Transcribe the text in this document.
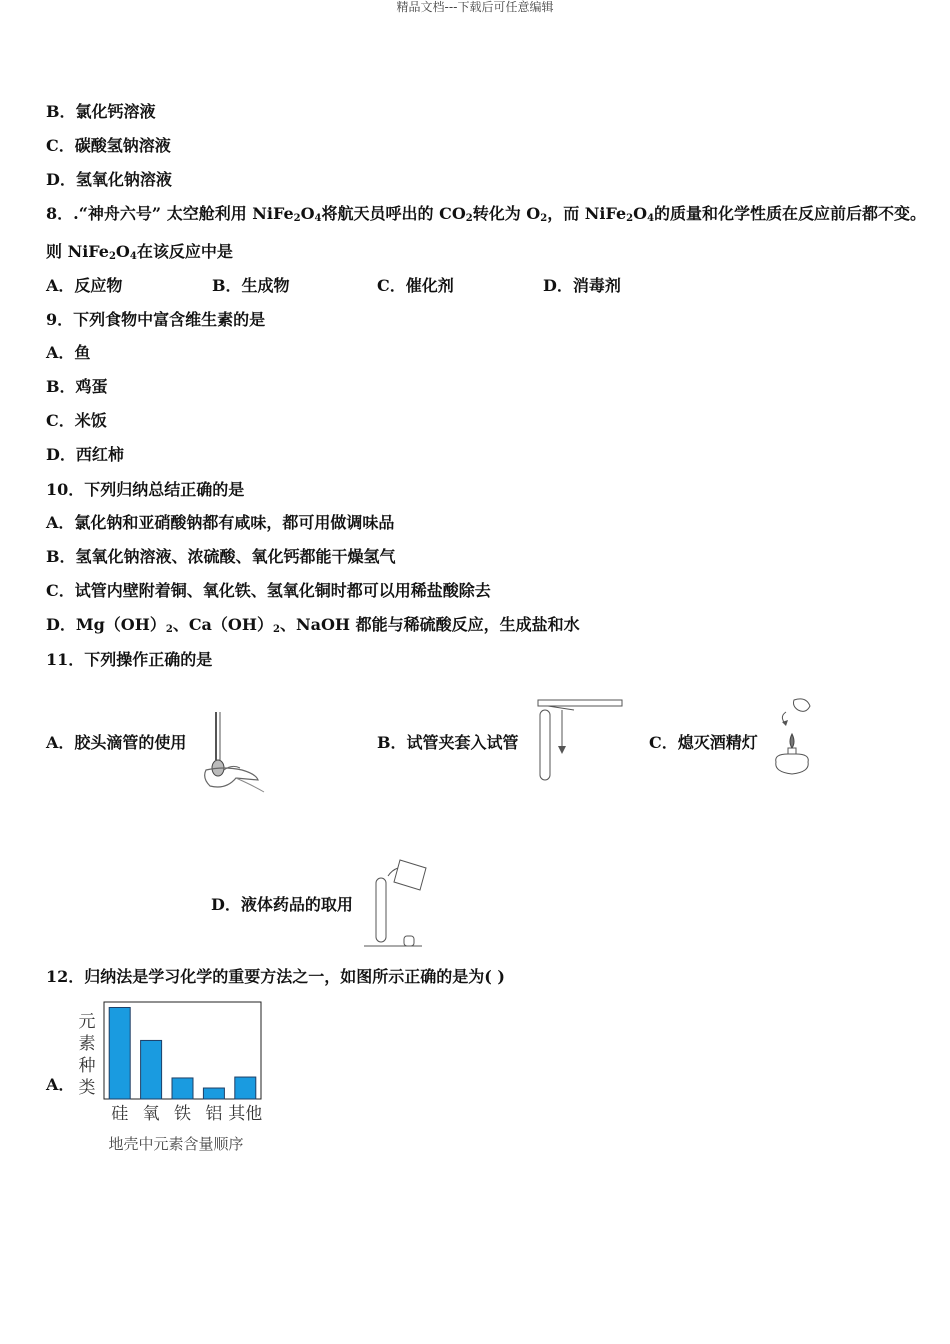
精品文档---下载后可任意编辑
B．氯化钙溶液
C．碳酸氢钠溶液
D．氢氧化钠溶液
8．.“神舟六号” 太空舱利用 $NiFe_2O_4$将航天员呼出的 $CO_2$转化为 $O_2$，而 $NiFe_2O_4$的质量和化学性质在反应前后都不变。
则 $NiFe_2O_4$在该反应中是
A．反应物	B．生成物	C．催化剂	D．消毒剂
9．下列食物中富含维生素的是
A．鱼
B．鸡蛋
C．米饭
D．西红柿
10．下列归纳总结正确的是
A．氯化钠和亚硝酸钠都有咸味，都可用做调味品
B．氢氧化钠溶液、浓硫酸、氧化钙都能干燥氢气
C．试管内壁附着铜、氧化铁、氢氧化铜时都可以用稀盐酸除去
D．$Mg(OH)_2$、$Ca(OH)_2$、NaOH 都能与稀硫酸反应，生成盐和水
11．下列操作正确的是
A．胶头滴管的使用	B．试管夹套入试管	C．熄灭酒精灯
D．液体药品的取用
12．归纳法是学习化学的重要方法之一，如图所示正确的是为( )
A．
元
素
种
类
硅 氧 铁 铝 其他
地壳中元素含量顺序
